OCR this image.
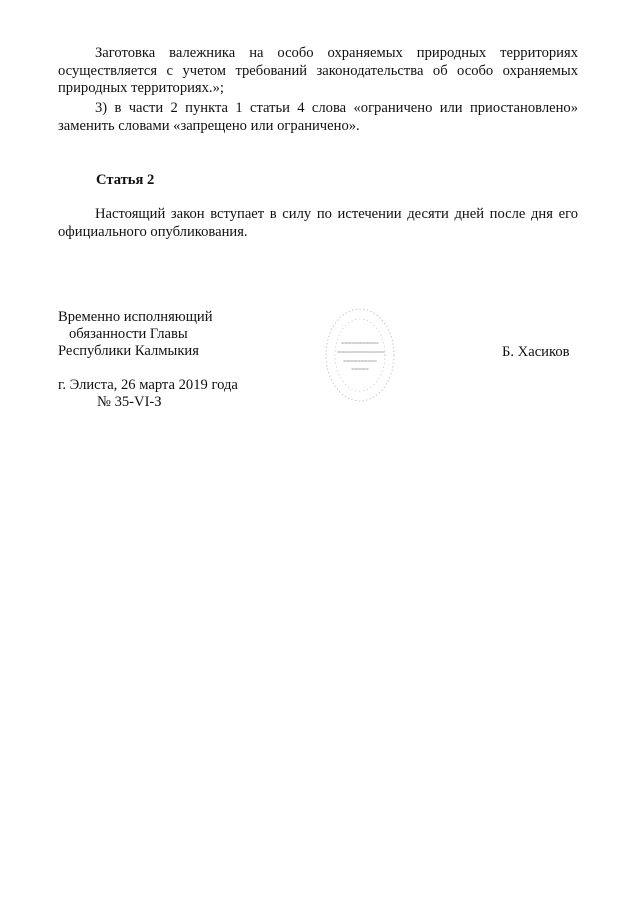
Заготовка валежника на особо охраняемых природных территориях осуществляется с учетом требований законодательства об особо охраняемых природных территориях.»;

3) в части 2 пункта 1 статьи 4 слова «ограничено или приостановлено» заменить словами «запрещено или ограничено».

Статья 2

Настоящий закон вступает в силу по истечении десяти дней после дня его официального опубликования.

Временно исполняющий

обязанности Главы

Республики Калмыкия	Б. Хасиков

г. Элиста, 26 марта 2019 года

№ 35-VI-З
